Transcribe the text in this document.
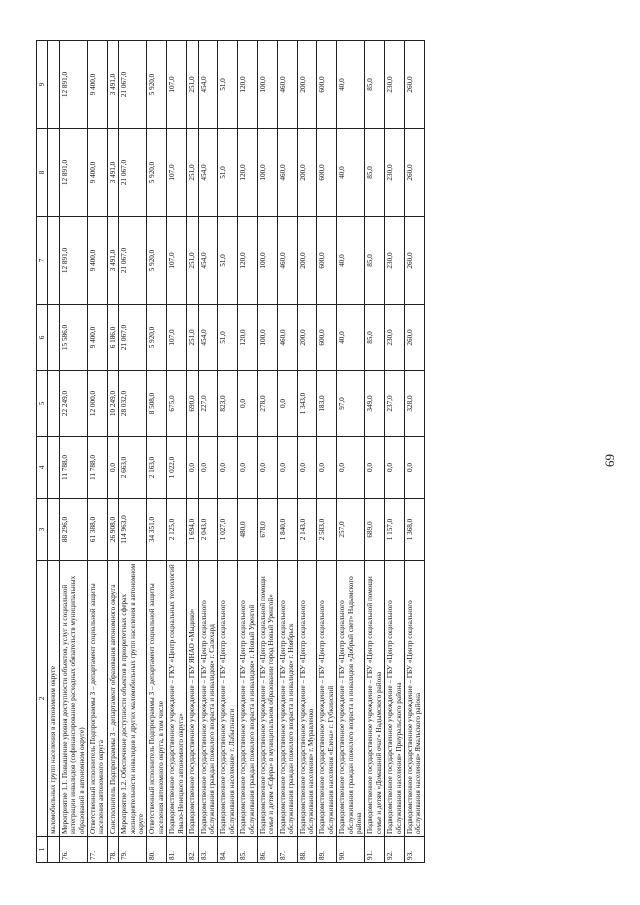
1	2	3	4	5	6	7	8	9
	маломобильных групп населения в автономном округе							
76.	Мероприятие 1.1. Повышение уровня доступности объектов, услуг и социальной интеграции инвалидов (софинансирование расходных обязательств муниципальных образований в автономном округе)	88 296,0	11 788,0	22 249,0	15 586,0	12 891,0	12 891,0	12 891,0
77.	Ответственный исполнитель Подпрограммы 3 – департамент социальной защиты населения автономного округа	61 388,0	11 788,0	12 000,0	9 400,0	9 400,0	9 400,0	9 400,0
78.	Соисполнитель Подпрограммы 3 – департамент образования автономного округа	26 908,0	0,0	10 249,0	6 186,0	3 491,0	3 491,0	3 491,0
79.	Мероприятие 1.2. Обеспечение доступности объектов в приоритетных сферах жизнедеятельности инвалидов и других маломобильных групп населения в автономном округе	114 963,0	2 663,0	28 032,0	21 067,0	21 067,0	21 067,0	21 067,0
80.	Ответственный исполнитель Подпрограммы 3 – департамент социальной защиты населения автономного округа, в том числе	34 351,0	2 163,0	8 508,0	5 920,0	5 920,0	5 920,0	5 920,0
81.	Подведомственное государственное учреждение – ГКУ «Центр социальных технологий Ямало-Ненецкого автономного округа»	2 125,0	1 022,0	675,0	107,0	107,0	107,0	107,0
82.	Подведомственное государственное учреждение – ГБУ ЯНАО «Мыдико»	1 694,0	0,0	690,0	251,0	251,0	251,0	251,0
83.	Подведомственное государственное учреждение – ГБУ «Центр социального обслуживания граждан пожилого возраста и инвалидов» г. Салехард	2 043,0	0,0	227,0	454,0	454,0	454,0	454,0
84.	Подведомственное государственное учреждение – ГБУ «Центр социального обслуживания населения» г. Лабытнанги	1 027,0	0,0	823,0	51,0	51,0	51,0	51,0
85.	Подведомственное государственное учреждение – ГБУ «Центр социального обслуживания граждан пожилого возраста и инвалидов» г. Новый Уренгой	480,0	0,0	0,0	120,0	120,0	120,0	120,0
86.	Подведомственное государственное учреждение – ГБУ «Центр социальной помощи семье и детям «Сфера» в муниципальном образовании город Новый Уренгой»	678,0	0,0	278,0	100,0	100,0	100,0	100,0
87.	Подведомственное государственное учреждение – ГБУ «Центр социального обслуживания граждан пожилого возраста и инвалидов» г. Ноябрьск	1 840,0	0,0	0,0	460,0	460,0	460,0	460,0
88.	Подведомственное государственное учреждение – ГБУ «Центр социального обслуживания населения» г. Муравленко	2 143,0	0,0	1 343,0	200,0	200,0	200,0	200,0
89.	Подведомственное государственное учреждение – ГБУ «Центр социального обслуживания населения «Елена» г. Губкинский	2 583,0	0,0	183,0	600,0	600,0	600,0	600,0
90.	Подведомственное государственное учреждение – ГБУ «Центр социального обслуживания граждан пожилого возраста и инвалидов «Добрый свет» Надымского района	257,0	0,0	97,0	40,0	40,0	40,0	40,0
91.	Подведомственное государственное учреждение – ГБУ «Центр социальной помощи семье и детям «Домашний очаг» Надымского района	689,0	0,0	349,0	85,0	85,0	85,0	85,0
92.	Подведомственное государственное учреждение – ГБУ «Центр социального обслуживания населения» Приуральского района	1 157,0	0,0	237,0	230,0	230,0	230,0	230,0
93.	Подведомственное государственное учреждение – ГБУ «Центр социального обслуживания населения» Ямальского района	1 368,0	0,0	328,0	260,0	260,0	260,0	260,0
69
